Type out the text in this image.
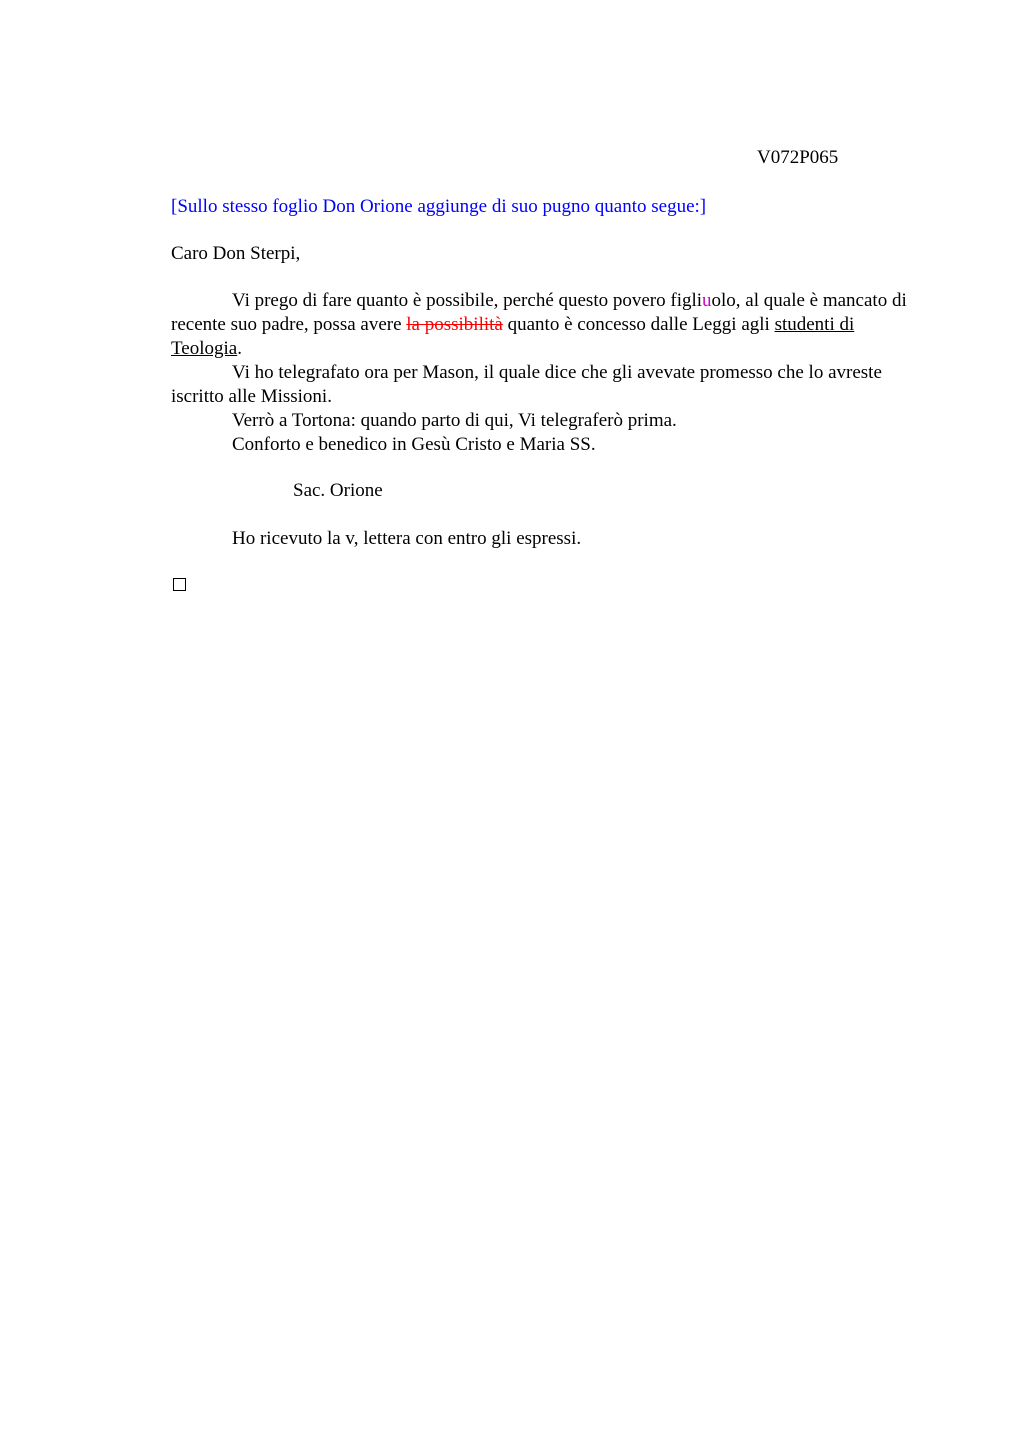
V072P065
[Sullo stesso foglio Don Orione aggiunge di suo pugno quanto segue:]
Caro Don Sterpi,

Vi prego di fare quanto è possibile, perché questo povero figliuolo, al quale è mancato di recente suo padre, possa avere la possibilità quanto è concesso dalle Leggi agli studenti di Teologia.

Vi ho telegrafato ora per Mason, il quale dice che gli avevate promesso che lo avreste iscritto alle Missioni.

Verrò a Tortona: quando parto di qui, Vi telegraferò prima.

Conforto e benedico in Gesù Cristo e Maria SS.

Sac. Orione
Ho ricevuto la v, lettera con entro gli espressi.
